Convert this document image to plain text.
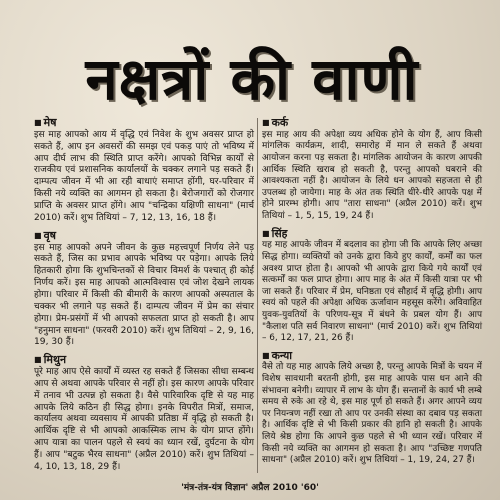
नक्षत्रों की वाणी
■ मेष

इस माह आपको आय में वृद्धि एवं निवेश के शुभ अवसर प्राप्त हो सकते हैं, आप इन अवसरों की समझ एवं पकड़ पाएं तो भविष्य में आप दीर्घ लाभ की स्थिति प्राप्त करेंगे। आपको विभिन्न कार्यों से राजकीय एवं प्रशासनिक कार्यालयों के चक्कर लगाने पड़ सकते हैं। दाम्पत्य जीवन में भी आ रही बाधाएं समाप्त होंगी, घर-परिवार में किसी नये व्यक्ति का आगमन हो सकता है। बेरोजगारों को रोजगार प्राप्ति के अवसर प्राप्त होंगे। आप "चन्द्रिका यक्षिणी साधना" (मार्च 2010) करें। शुभ तिथियां – 7, 12, 13, 16, 18 हैं।

■ वृष

इस माह आपको अपने जीवन के कुछ महत्त्वपूर्ण निर्णय लेने पड़ सकते हैं, जिस का प्रभाव आपके भविष्य पर पड़ेगा। आपके लिये हितकारी होगा कि शुभचिन्तकों से विचार विमर्श के पश्चात् ही कोई निर्णय करें। इस माह आपको आत्मविश्वास एवं जोश देखने लायक होगा। परिवार में किसी की बीमारी के कारण आपको अस्पताल के चक्कर भी लगाने पड़ सकते हैं। दाम्पत्य जीवन में प्रेम का संचार होगा। प्रेम-प्रसंगों में भी आपको सफलता प्राप्त हो सकती है। आप "हनुमान साधना" (फरवरी 2010) करें। शुभ तिथियां – 2, 9, 16, 19, 30 हैं।

■ मिथुन

पूरे माह आप ऐसे कार्यों में व्यस्त रह सकते हैं जिसका सीधा सम्बन्ध आप से अथवा आपके परिवार से नहीं हो। इस कारण आपके परिवार में तनाव भी उत्पन्न हो सकता है। वैसे पारिवारिक दृष्टि से यह माह आपके लिये कठिन ही सिद्ध होगा। इनके विपरीत मित्रों, समाज, कार्यालय अथवा व्यवसाय में आपकी प्रतिष्ठा में वृद्धि हो सकती है। आर्थिक दृष्टि से भी आपको आकस्मिक लाभ के योग प्राप्त होंगे। आप यात्रा का पालन पहले से स्वयं का ध्यान रखें, दुर्घटना के योग हैं। आप "बटुक भैरव साधना" (अप्रैल 2010) करें। शुभ तिथियां – 4, 10, 13, 18, 29 हैं।

■ कर्क

इस माह आय की अपेक्षा व्यय अधिक होने के योग हैं, आप किसी मांगलिक कार्यक्रम, शादी, समारोह में मान ले सकते हैं अथवा आयोजन करना पड़ सकता है। मांगलिक आयोजन के कारण आपकी आर्थिक स्थिति खराब हो सकती है, परन्तु आपको घबराने की आवश्यकता नहीं है। आयोजन के लिये धन आपको सहजता से ही उपलब्ध हो जायेगा। माह के अंत तक स्थिति धीरे-धीरे आपके पक्ष में होने प्रारम्भ होगी। आप "तारा साधना" (अप्रैल 2010) करें। शुभ तिथियां – 1, 5, 15, 19, 24 हैं।

■ सिंह

यह माह आपके जीवन में बदलाव का होगा जी कि आपके लिए अच्छा सिद्ध होगा। व्यक्तियों को उनके द्वारा किये हुए कार्यों, कर्मों का फल अवश्य प्राप्त होता है। आपको भी आपके द्वारा किये गये कार्यों एवं सत्कर्मों का फल प्राप्त होगा। आप माह के अंत में किसी यात्रा पर भी जा सकते हैं। परिवार में प्रेम, घनिष्ठता एवं सौहार्द में वृद्धि होगी। आप स्वयं को पहले की अपेक्षा अधिक ऊर्जावान महसूस करेंगे। अविवाहित युवक-युवतियों के परिणय-सूत्र में बंधने के प्रबल योग हैं। आप "कैलाश पति सर्व निवारण साधना" (मार्च 2010) करें। शुभ तिथियां – 6, 12, 17, 21, 26 हैं।

■ कन्या

वैसे तो यह माह आपके लिये अच्छा है, परन्तु आपके मित्रों के चयन में विशेष सावधानी बरतनी होगी, इस माह आपके पास धन आने की संभावना बनेगी। व्यापार में लाभ के योग हैं। सन्तानों के कार्य भी लम्बे समय से रुके आ रहे थे, इस माह पूर्ण हो सकते हैं। अगर आपने व्यय पर नियन्त्रण नहीं रखा तो आप पर उनकी संस्था का दबाव पड़ सकता है। आर्थिक दृष्टि से भी किसी प्रकार की हानि हो सकती है। आपके लिये श्रेष्ठ होगा कि आपने कुछ पहले से भी ध्यान रखें। परिवार में किसी नये व्यक्ति का आगमन हो सकता है। आप "उच्छिष्ट गणपति साधना" (अप्रैल 2010) करें। शुभ तिथियां – 1, 19, 24, 27 हैं।

'मंत्र-तंत्र-यंत्र विज्ञान' अप्रैल 2010 '60'
